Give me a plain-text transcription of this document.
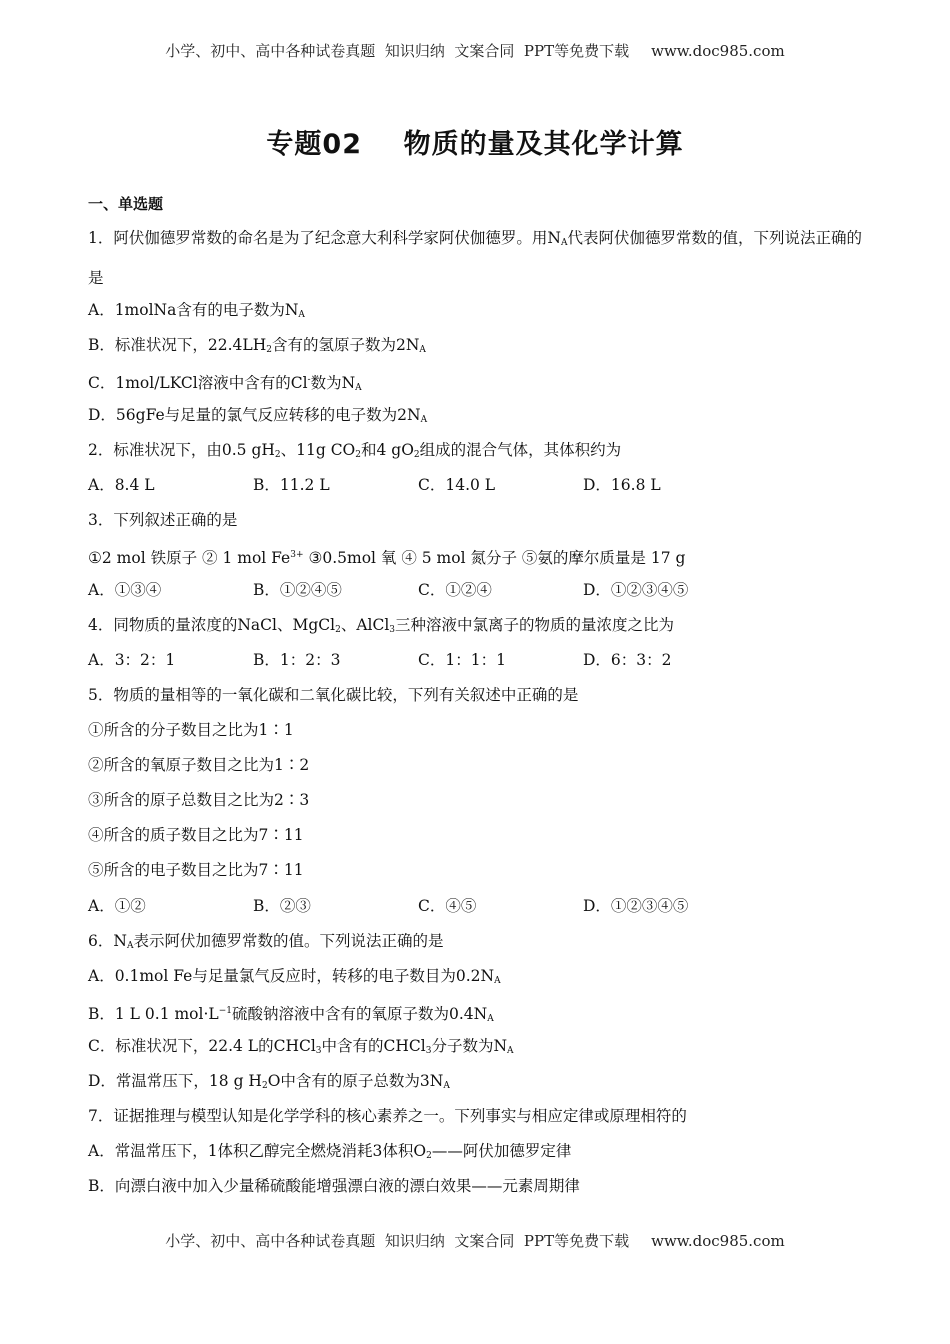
小学、初中、高中各种试卷真题  知识归纳  文案合同  PPT等免费下载 www.doc985.com
专题02    物质的量及其化学计算
一、单选题
1．阿伏伽德罗常数的命名是为了纪念意大利科学家阿伏伽德罗。用$N_A$代表阿伏伽德罗常数的值，下列说法正确的是
A．1molNa含有的电子数为$N_A$
B．标准状况下，$22.4LH_2$含有的氢原子数为$2N_A$
C．1mol/LKCl溶液中含有的Cl-数为$N_A$
D．56gFe与足量的氯气反应转移的电子数为$2N_A$
2．标准状况下，由0.5 $gH_2$、11g $CO_2$和4 $gO_2$组成的混合气体，其体积约为
A．8.4 L	B．11.2 L	C．14.0 L	D．16.8 L
3．下列叙述正确的是
①2 mol 铁原子 ② 1 mol $Fe^{3+}$ ③0.5mol 氧 ④ 5 mol 氮分子 ⑤氨的摩尔质量是 17 g
A．①③④	B．①②④⑤	C．①②④	D．①②③④⑤
4．同物质的量浓度的NaCl、MgCl$_2$、AlCl$_3$三种溶液中氯离子的物质的量浓度之比为
A．3：2：1	B．1：2：3	C．1：1：1	D．6：3：2
5．物质的量相等的一氧化碳和二氧化碳比较，下列有关叙述中正确的是
①所含的分子数目之比为1∶1
②所含的氧原子数目之比为1∶2
③所含的原子总数目之比为2∶3
④所含的质子数目之比为7∶11
⑤所含的电子数目之比为7∶11
A．①②	B．②③	C．④⑤	D．①②③④⑤
6．$N_A$表示阿伏加德罗常数的值。下列说法正确的是
A．0.1mol Fe与足量氯气反应时，转移的电子数目为$0.2N_A$
B．1 L 0.1 $mol\cdot L^{-1}$硫酸钠溶液中含有的氧原子数为$0.4N_A$
C．标准状况下，22.4 L的CHCl$_3$中含有的CHCl$_3$分子数为$N_A$
D．常温常压下，18 g $H_2O$中含有的原子总数为$3N_A$
7．证据推理与模型认知是化学学科的核心素养之一。下列事实与相应定律或原理相符的
A．常温常压下，1体积乙醇完全燃烧消耗3体积$O_2——$阿伏加德罗定律
B．向漂白液中加入少量稀硫酸能增强漂白液的漂白效果——元素周期律
小学、初中、高中各种试卷真题  知识归纳  文案合同  PPT等免费下载 www.doc985.com
